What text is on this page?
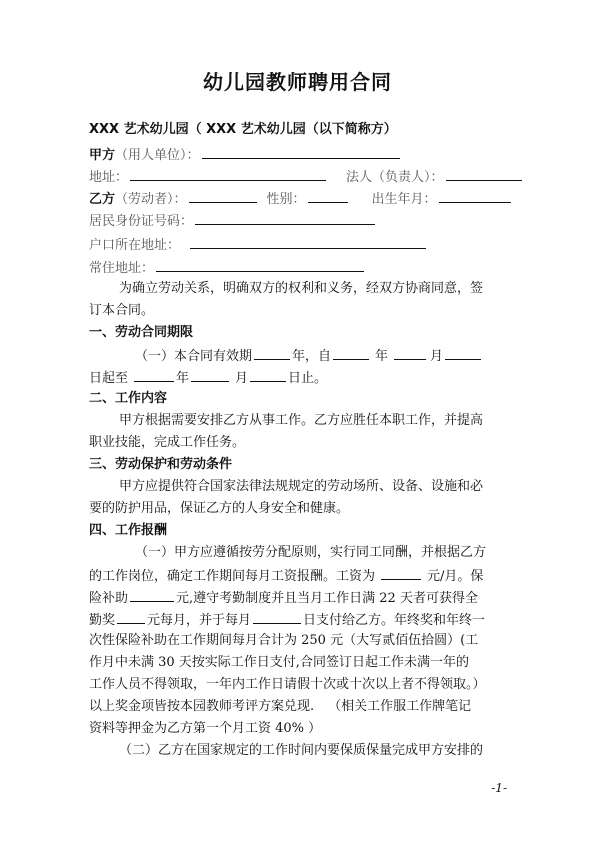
幼儿园教师聘用合同
XXX 艺术幼儿园（ XXX 艺术幼儿园（以下简称方）
甲方（用人单位）：
地址：	法人（负责人）：
乙方（劳动者）：	性别：	出生年月：
居民身份证号码：
户口所在地址：
常住地址：
为确立劳动关系，明确双方的权利和义务，经双方协商同意，签
订本合同。
一、劳动合同期限
（一）本合同有效期	年，自	年	月
日起至	年	月	日止。
二、工作内容
甲方根据需要安排乙方从事工作。乙方应胜任本职工作，并提高
职业技能，完成工作任务。
三、劳动保护和劳动条件
甲方应提供符合国家法律法规规定的劳动场所、设备、设施和必
要的防护用品，保证乙方的人身安全和健康。
四、工作报酬
（一）甲方应遵循按劳分配原则，实行同工同酬，并根据乙方
的工作岗位，确定工作期间每月工资报酬。工资为	元/月。保
险补助	元,遵守考勤制度并且当月工作日满 22 天者可获得全
勤奖 元每月，并于每月	日支付给乙方。年终奖和年终一
次性保险补助在工作期间每月合计为 250 元（大写贰佰伍拾圆）(工
作月中未满 30 天按实际工作日支付,合同签订日起工作未满一年的
工作人员不得领取，一年内工作日请假十次或十次以上者不得领取。）
以上奖金项皆按本园教师考评方案兑现. （相关工作服工作牌笔记
资料等押金为乙方第一个月工资 40% ）
（二）乙方在国家规定的工作时间内要保质保量完成甲方安排的
-1-
